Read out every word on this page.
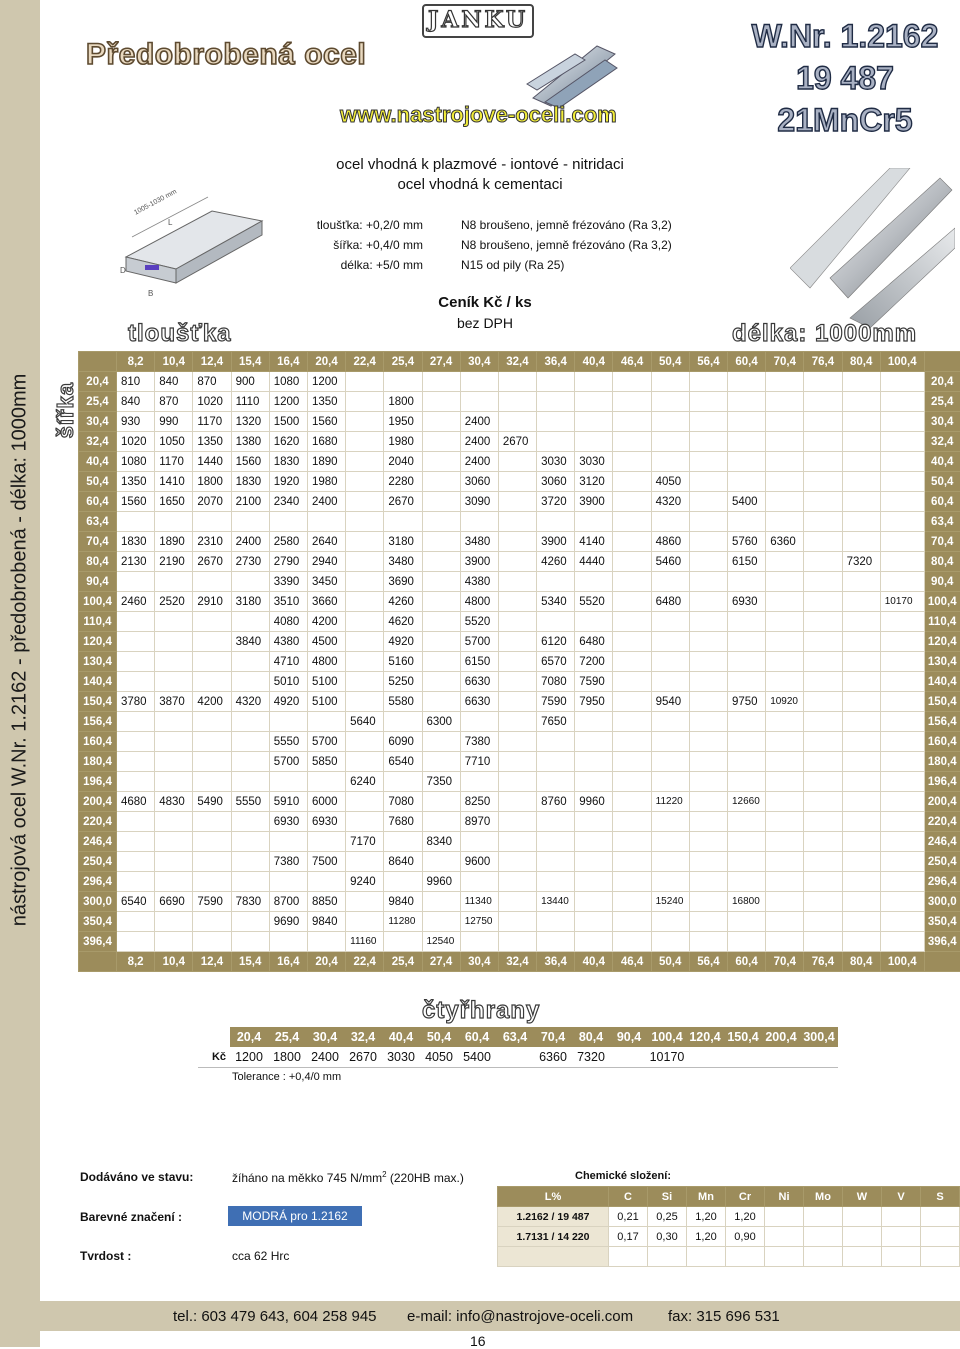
nástrojová ocel W.Nr. 1.2162 - předobrobená - délka: 1000mm
Předobrobená ocel
JANKU
www.nastrojove-oceli.com
W.Nr. 1.2162
19 487
21MnCr5
ocel vhodná k plazmové - iontové - nitridaci
ocel vhodná k cementaci
1005-1030 mm
L
D
B
tloušťka: +0,2/0 mm	N8 broušeno, jemně frézováno (Ra 3,2)
šířka: +0,4/0 mm	N8 broušeno, jemně frézováno (Ra 3,2)
délka: +5/0 mm	N15 od pily (Ra 25)
Ceník Kč / ks
bez DPH
tloušťka	délka: 1000mm
šířka
	8,2	10,4	12,4	15,4	16,4	20,4	22,4	25,4	27,4	30,4	32,4	36,4	40,4	46,4	50,4	56,4	60,4	70,4	76,4	80,4	100,4	
20,4	810	840	870	900	1080	1200																20,4
25,4	840	870	1020	1110	1200	1350		1800														25,4
30,4	930	990	1170	1320	1500	1560		1950		2400												30,4
32,4	1020	1050	1350	1380	1620	1680		1980		2400	2670											32,4
40,4	1080	1170	1440	1560	1830	1890		2040		2400		3030	3030									40,4
50,4	1350	1410	1800	1830	1920	1980		2280		3060		3060	3120		4050							50,4
60,4	1560	1650	2070	2100	2340	2400		2670		3090		3720	3900		4320		5400					60,4
63,4																						63,4
70,4	1830	1890	2310	2400	2580	2640		3180		3480		3900	4140		4860		5760	6360				70,4
80,4	2130	2190	2670	2730	2790	2940		3480		3900		4260	4440		5460		6150			7320		80,4
90,4					3390	3450		3690		4380												90,4
100,4	2460	2520	2910	3180	3510	3660		4260		4800		5340	5520		6480		6930				10170	100,4
110,4					4080	4200		4620		5520												110,4
120,4				3840	4380	4500		4920		5700		6120	6480									120,4
130,4					4710	4800		5160		6150		6570	7200									130,4
140,4					5010	5100		5250		6630		7080	7590									140,4
150,4	3780	3870	4200	4320	4920	5100		5580		6630		7590	7950		9540		9750	10920				150,4
156,4							5640		6300			7650										156,4
160,4					5550	5700		6090		7380												160,4
180,4					5700	5850		6540		7710												180,4
196,4							6240		7350													196,4
200,4	4680	4830	5490	5550	5910	6000		7080		8250		8760	9960		11220		12660					200,4
220,4					6930	6930		7680		8970												220,4
246,4							7170		8340													246,4
250,4					7380	7500		8640		9600												250,4
296,4							9240		9960													296,4
300,0	6540	6690	7590	7830	8700	8850		9840		11340		13440			15240		16800					300,0
350,4					9690	9840		11280		12750												350,4
396,4							11160		12540													396,4
	8,2	10,4	12,4	15,4	16,4	20,4	22,4	25,4	27,4	30,4	32,4	36,4	40,4	46,4	50,4	56,4	60,4	70,4	76,4	80,4	100,4	
čtyřhrany
	20,4	25,4	30,4	32,4	40,4	50,4	60,4	63,4	70,4	80,4	90,4	100,4	120,4	150,4	200,4	300,4
Kč	1200	1800	2400	2670	3030	4050	5400		6360	7320		10170				
Tolerance : +0,4/0 mm
Dodáváno ve stavu:	žíháno na měkko 745 $N/mm^2$ (220HB max.)
Barevné značení :	MODRÁ pro 1.2162
Tvrdost :	cca 62 Hrc
Chemické složení:
L%	C	Si	Mn	Cr	Ni	Mo	W	V	S
1.2162 / 19 487	0,21	0,25	1,20	1,20					
1.7131 / 14 220	0,17	0,30	1,20	0,90					

tel.: 603 479 643, 604 258 945 e-mail: info@nastrojove-oceli.com fax: 315 696 531
16
